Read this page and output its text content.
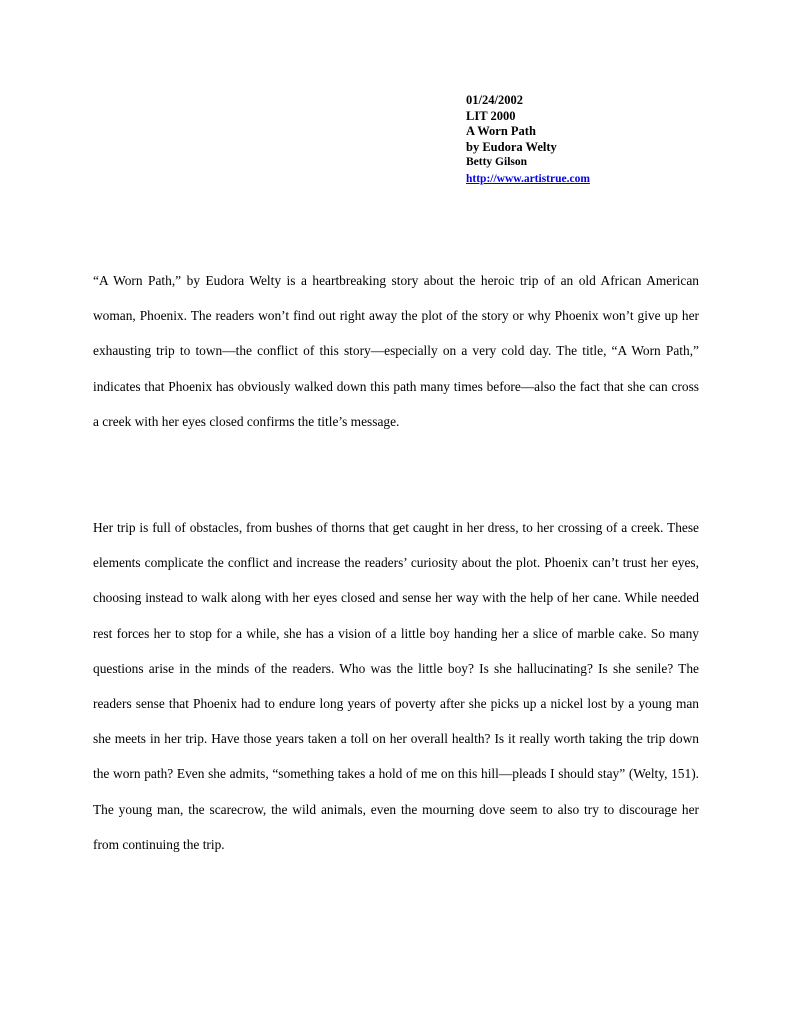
01/24/2002
LIT 2000
A Worn Path
by Eudora Welty
Betty Gilson
http://www.artistrue.com

“A Worn Path,” by Eudora Welty is a heartbreaking story about the heroic trip of an old African American woman, Phoenix. The readers won’t find out right away the plot of the story or why Phoenix won’t give up her exhausting trip to town—the conflict of this story—especially on a very cold day. The title, “A Worn Path,” indicates that Phoenix has obviously walked down this path many times before—also the fact that she can cross a creek with her eyes closed confirms the title’s message.

Her trip is full of obstacles, from bushes of thorns that get caught in her dress, to her crossing of a creek. These elements complicate the conflict and increase the readers’ curiosity about the plot. Phoenix can’t trust her eyes, choosing instead to walk along with her eyes closed and sense her way with the help of her cane. While needed rest forces her to stop for a while, she has a vision of a little boy handing her a slice of marble cake. So many questions arise in the minds of the readers. Who was the little boy? Is she hallucinating? Is she senile? The readers sense that Phoenix had to endure long years of poverty after she picks up a nickel lost by a young man she meets in her trip. Have those years taken a toll on her overall health? Is it really worth taking the trip down the worn path? Even she admits, “something takes a hold of me on this hill—pleads I should stay” (Welty, 151). The young man, the scarecrow, the wild animals, even the mourning dove seem to also try to discourage her from continuing the trip.
